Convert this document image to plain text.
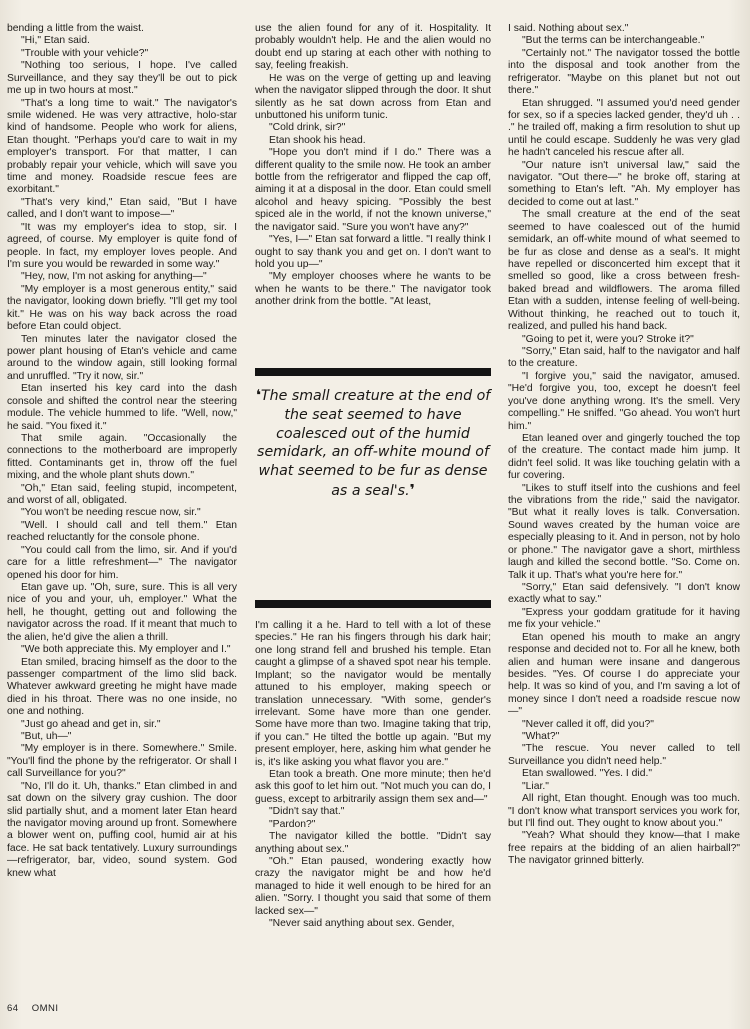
bending a little from the waist.

"Hi," Etan said.

"Trouble with your vehicle?"

"Nothing too serious, I hope. I've called Surveillance, and they say they'll be out to pick me up in two hours at most."

"That's a long time to wait." The navigator's smile widened. He was very attractive, holo-star kind of handsome. People who work for aliens, Etan thought. "Perhaps you'd care to wait in my employer's transport. For that matter, I can probably repair your vehicle, which will save you time and money. Roadside rescue fees are exorbitant."

"That's very kind," Etan said, "But I have called, and I don't want to impose—"

"It was my employer's idea to stop, sir. I agreed, of course. My employer is quite fond of people. In fact, my employer loves people. And I'm sure you would be rewarded in some way."

"Hey, now, I'm not asking for anything—"

"My employer is a most generous entity," said the navigator, looking down briefly. "I'll get my tool kit." He was on his way back across the road before Etan could object.

Ten minutes later the navigator closed the power plant housing of Etan's vehicle and came around to the window again, still looking formal and unruffled. "Try it now, sir."

Etan inserted his key card into the dash console and shifted the control near the steering module. The vehicle hummed to life. "Well, now," he said. "You fixed it."

That smile again. "Occasionally the connections to the motherboard are improperly fitted. Contaminants get in, throw off the fuel mixing, and the whole plant shuts down."

"Oh," Etan said, feeling stupid, incompetent, and worst of all, obligated.

"You won't be needing rescue now, sir."

"Well. I should call and tell them." Etan reached reluctantly for the console phone.

"You could call from the limo, sir. And if you'd care for a little refreshment—" The navigator opened his door for him.

Etan gave up. "Oh, sure, sure. This is all very nice of you and your, uh, employer." What the hell, he thought, getting out and following the navigator across the road. If it meant that much to the alien, he'd give the alien a thrill.

"We both appreciate this. My employer and I."

Etan smiled, bracing himself as the door to the passenger compartment of the limo slid back. Whatever awkward greeting he might have made died in his throat. There was no one inside, no one and nothing.

"Just go ahead and get in, sir."

"But, uh—"

"My employer is in there. Somewhere." Smile. "You'll find the phone by the refrigerator. Or shall I call Surveillance for you?"

"No, I'll do it. Uh, thanks." Etan climbed in and sat down on the silvery gray cushion. The door slid partially shut, and a moment later Etan heard the navigator moving around up front. Somewhere a blower went on, puffing cool, humid air at his face. He sat back tentatively. Luxury surroundings—refrigerator, bar, video, sound system. God knew what

use the alien found for any of it. Hospitality. It probably wouldn't help. He and the alien would no doubt end up staring at each other with nothing to say, feeling freakish.

He was on the verge of getting up and leaving when the navigator slipped through the door. It shut silently as he sat down across from Etan and unbuttoned his uniform tunic.

"Cold drink, sir?"

Etan shook his head.

"Hope you don't mind if I do." There was a different quality to the smile now. He took an amber bottle from the refrigerator and flipped the cap off, aiming it at a disposal in the door. Etan could smell alcohol and heavy spicing. "Possibly the best spiced ale in the world, if not the known universe," the navigator said. "Sure you won't have any?"

"Yes, I—" Etan sat forward a little. "I really think I ought to say thank you and get on. I don't want to hold you up—"

"My employer chooses where he wants to be when he wants to be there." The navigator took another drink from the bottle. "At least,

❛The small creature at the end of the seat seemed to have coalesced out of the humid semidark, an off-white mound of what seemed to be fur as dense as a seal's.❜

I'm calling it a he. Hard to tell with a lot of these species." He ran his fingers through his dark hair; one long strand fell and brushed his temple. Etan caught a glimpse of a shaved spot near his temple. Implant; so the navigator would be mentally attuned to his employer, making speech or translation unnecessary. "With some, gender's irrelevant. Some have more than one gender. Some have more than two. Imagine taking that trip, if you can." He tilted the bottle up again. "But my present employer, here, asking him what gender he is, it's like asking you what flavor you are."

Etan took a breath. One more minute; then he'd ask this goof to let him out. "Not much you can do, I guess, except to arbitrarily assign them sex and—"

"Didn't say that."

"Pardon?"

The navigator killed the bottle. "Didn't say anything about sex."

"Oh." Etan paused, wondering exactly how crazy the navigator might be and how he'd managed to hide it well enough to be hired for an alien. "Sorry. I thought you said that some of them lacked sex—"

"Never said anything about sex. Gender,

I said. Nothing about sex."

"But the terms can be interchangeable."

"Certainly not." The navigator tossed the bottle into the disposal and took another from the refrigerator. "Maybe on this planet but not out there."

Etan shrugged. "I assumed you'd need gender for sex, so if a species lacked gender, they'd uh . . ." he trailed off, making a firm resolution to shut up until he could escape. Suddenly he was very glad he hadn't canceled his rescue after all.

"Our nature isn't universal law," said the navigator. "Out there—" he broke off, staring at something to Etan's left. "Ah. My employer has decided to come out at last."

The small creature at the end of the seat seemed to have coalesced out of the humid semidark, an off-white mound of what seemed to be fur as close and dense as a seal's. It might have repelled or disconcerted him except that it smelled so good, like a cross between fresh-baked bread and wildflowers. The aroma filled Etan with a sudden, intense feeling of well-being. Without thinking, he reached out to touch it, realized, and pulled his hand back.

"Going to pet it, were you? Stroke it?"

"Sorry," Etan said, half to the navigator and half to the creature.

"I forgive you," said the navigator, amused. "He'd forgive you, too, except he doesn't feel you've done anything wrong. It's the smell. Very compelling." He sniffed. "Go ahead. You won't hurt him."

Etan leaned over and gingerly touched the top of the creature. The contact made him jump. It didn't feel solid. It was like touching gelatin with a fur covering.

"Likes to stuff itself into the cushions and feel the vibrations from the ride," said the navigator. "But what it really loves is talk. Conversation. Sound waves created by the human voice are especially pleasing to it. And in person, not by holo or phone." The navigator gave a short, mirthless laugh and killed the second bottle. "So. Come on. Talk it up. That's what you're here for."

"Sorry," Etan said defensively. "I don't know exactly what to say."

"Express your goddam gratitude for it having me fix your vehicle."

Etan opened his mouth to make an angry response and decided not to. For all he knew, both alien and human were insane and dangerous besides. "Yes. Of course I do appreciate your help. It was so kind of you, and I'm saving a lot of money since I don't need a roadside rescue now—"

"Never called it off, did you?"

"What?"

"The rescue. You never called to tell Surveillance you didn't need help."

Etan swallowed. "Yes. I did."

"Liar."

All right, Etan thought. Enough was too much. "I don't know what transport services you work for, but I'll find out. They ought to know about you."

"Yeah? What should they know—that I make free repairs at the bidding of an alien hairball?" The navigator grinned bitterly.

64 OMNI
